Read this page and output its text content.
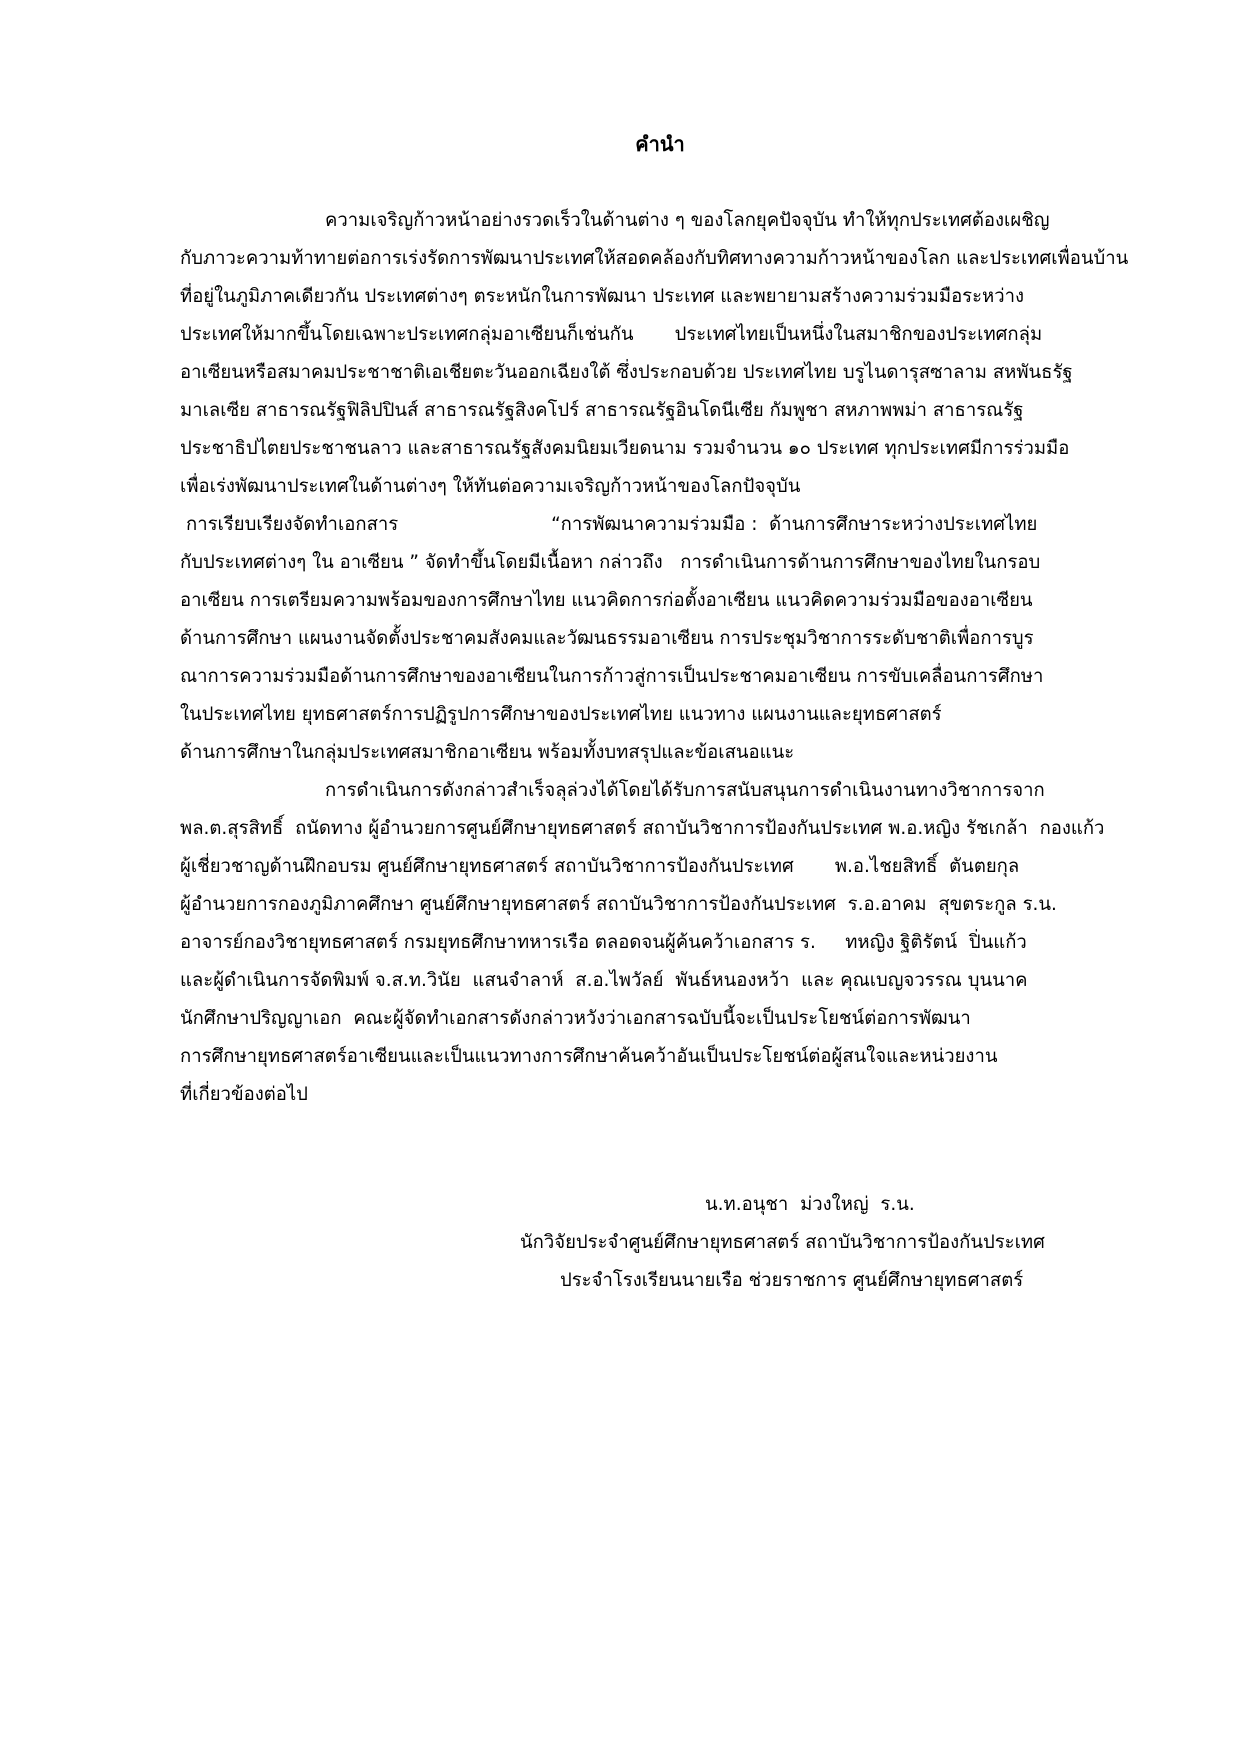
คำนำ
ความเจริญก้าวหน้าอย่างรวดเร็วในด้านต่าง ๆ ของโลกยุคปัจจุบัน ทำให้ทุกประเทศต้องเผชิญ
กับภาวะความท้าทายต่อการเร่งรัดการพัฒนาประเทศให้สอดคล้องกับทิศทางความก้าวหน้าของโลก และประเทศเพื่อนบ้าน
ที่อยู่ในภูมิภาคเดียวกัน ประเทศต่างๆ ตระหนักในการพัฒนา ประเทศ และพยายามสร้างความร่วมมือระหว่าง
ประเทศให้มากขึ้นโดยเฉพาะประเทศกลุ่มอาเซียนก็เช่นกัน       ประเทศไทยเป็นหนึ่งในสมาชิกของประเทศกลุ่ม
อาเซียนหรือสมาคมประชาชาติเอเชียตะวันออกเฉียงใต้ ซึ่งประกอบด้วย ประเทศไทย บรูไนดารุสซาลาม สหพันธรัฐ
มาเลเซีย สาธารณรัฐฟิลิปปินส์ สาธารณรัฐสิงคโปร์ สาธารณรัฐอินโดนีเซีย กัมพูชา สหภาพพม่า สาธารณรัฐ
ประชาธิปไตยประชาชนลาว และสาธารณรัฐสังคมนิยมเวียดนาม รวมจำนวน ๑๐ ประเทศ ทุกประเทศมีการร่วมมือ
เพื่อเร่งพัฒนาประเทศในด้านต่างๆ ให้ทันต่อความเจริญก้าวหน้าของโลกปัจจุบัน
การเรียบเรียงจัดทำเอกสาร                          “การพัฒนาความร่วมมือ :  ด้านการศึกษาระหว่างประเทศไทย
กับประเทศต่างๆ ใน อาเซียน ” จัดทำขึ้นโดยมีเนื้อหา กล่าวถึง   การดำเนินการด้านการศึกษาของไทยในกรอบ
อาเซียน การเตรียมความพร้อมของการศึกษาไทย แนวคิดการก่อตั้งอาเซียน แนวคิดความร่วมมือของอาเซียน
ด้านการศึกษา แผนงานจัดตั้งประชาคมสังคมและวัฒนธรรมอาเซียน การประชุมวิชาการระดับชาติเพื่อการบูร
ณาการความร่วมมือด้านการศึกษาของอาเซียนในการก้าวสู่การเป็นประชาคมอาเซียน การขับเคลื่อนการศึกษา
ในประเทศไทย ยุทธศาสตร์การปฏิรูปการศึกษาของประเทศไทย แนวทาง แผนงานและยุทธศาสตร์
ด้านการศึกษาในกลุ่มประเทศสมาชิกอาเซียน พร้อมทั้งบทสรุปและข้อเสนอแนะ
การดำเนินการดังกล่าวสำเร็จลุล่วงได้โดยได้รับการสนับสนุนการดำเนินงานทางวิชาการจาก
พล.ต.สุรสิทธิ์  ถนัดทาง ผู้อำนวยการศูนย์ศึกษายุทธศาสตร์ สถาบันวิชาการป้องกันประเทศ พ.อ.หญิง รัชเกล้า  กองแก้ว
ผู้เชี่ยวชาญด้านฝึกอบรม ศูนย์ศึกษายุทธศาสตร์ สถาบันวิชาการป้องกันประเทศ       พ.อ.ไชยสิทธิ์  ตันตยกุล
ผู้อำนวยการกองภูมิภาคศึกษา ศูนย์ศึกษายุทธศาสตร์ สถาบันวิชาการป้องกันประเทศ  ร.อ.อาคม  สุขตระกูล ร.น.
อาจารย์กองวิชายุทธศาสตร์ กรมยุทธศึกษาทหารเรือ ตลอดจนผู้ค้นคว้าเอกสาร ร.     ทหญิง ฐิติรัตน์  ปิ่นแก้ว
และผู้ดำเนินการจัดพิมพ์ จ.ส.ท.วินัย  แสนจำลาห์  ส.อ.ไพวัลย์  พันธ์หนองหว้า  และ คุณเบญจวรรณ บุนนาค
นักศึกษาปริญญาเอก  คณะผู้จัดทำเอกสารดังกล่าวหวังว่าเอกสารฉบับนี้จะเป็นประโยชน์ต่อการพัฒนา
การศึกษายุทธศาสตร์อาเซียนและเป็นแนวทางการศึกษาค้นคว้าอันเป็นประโยชน์ต่อผู้สนใจและหน่วยงาน
ที่เกี่ยวข้องต่อไป
น.ท.อนุชา  ม่วงใหญ่  ร.น.
นักวิจัยประจำศูนย์ศึกษายุทธศาสตร์ สถาบันวิชาการป้องกันประเทศ
ประจำโรงเรียนนายเรือ ช่วยราชการ ศูนย์ศึกษายุทธศาสตร์
